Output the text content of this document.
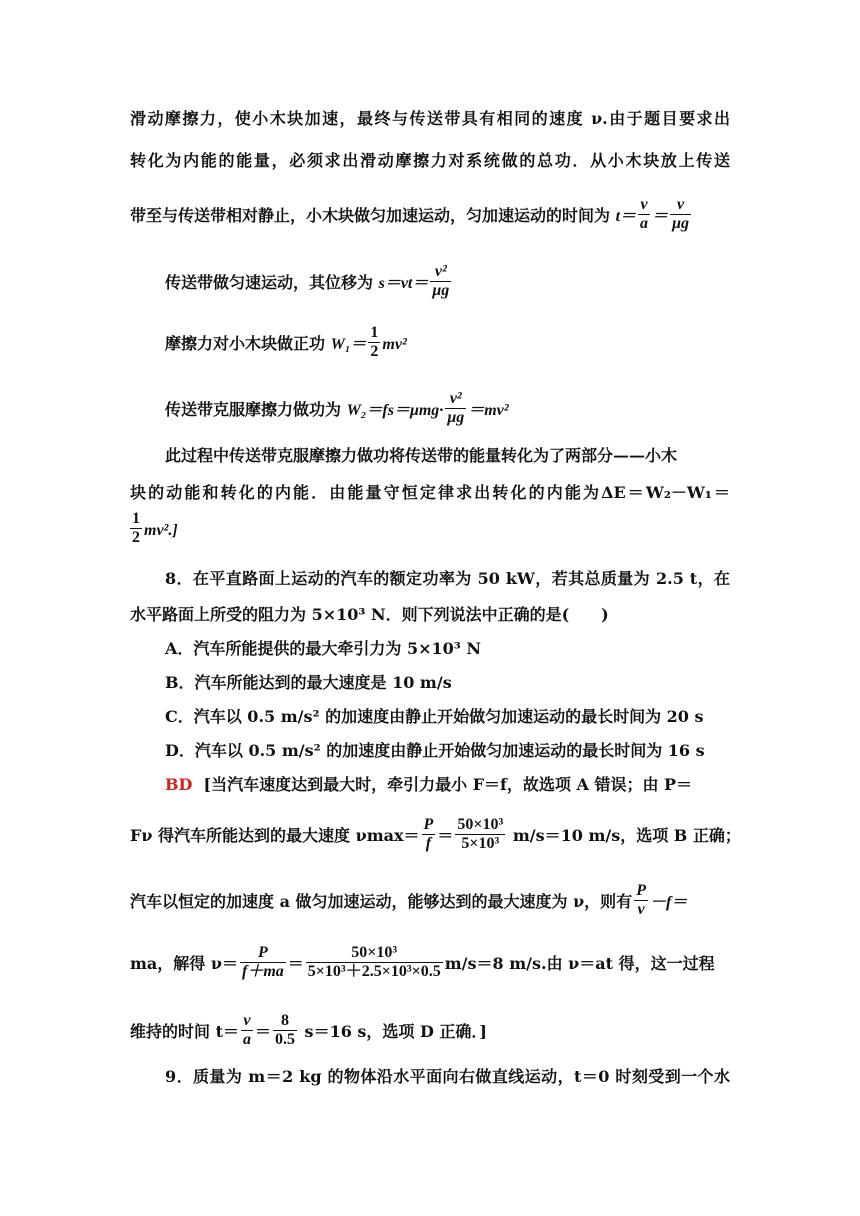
滑动摩擦力，使小木块加速，最终与传送带具有相同的速度 ν.由于题目要求出
转化为内能的能量，必须求出滑动摩擦力对系统做的总功．从小木块放上传送
带至与传送带相对静止，小木块做匀加速运动，匀加速运动的时间为 $t= \frac{\nu}{a} = \frac{\nu}{\mu g}$
传送带做匀速运动，其位移为 $s=\nu t= \frac{\text{ν²}}{\mu g}$
摩擦力对小木块做正功 $W_1= \frac{1}{2} m\nu^2$
传送带克服摩擦力做功为 $W_2=fs=\mu mg\cdot \frac{\text{ν²}}{\mu g} =m\nu^2$
此过程中传送带克服摩擦力做功将传送带的能量转化为了两部分——小木
块的动能和转化的内能．由能量守恒定律求出转化的内能为ΔE＝W₂－W₁＝
$\frac{1}{2} m\nu^2$.]
8．在平直路面上运动的汽车的额定功率为 50 kW，若其总质量为 2.5 t，在
水平路面上所受的阻力为 5×10³ N．则下列说法中正确的是(　　)
A．汽车所能提供的最大牵引力为 5×10³ N
B．汽车所能达到的最大速度是 10 m/s
C．汽车以 0.5 m/s² 的加速度由静止开始做匀加速运动的最长时间为 20 s
D．汽车以 0.5 m/s² 的加速度由静止开始做匀加速运动的最长时间为 16 s
BD [当汽车速度达到最大时，牵引力最小 F＝f，故选项 A 错误；由 P＝
Fν 得汽车所能达到的最大速度 $\nu\max= \frac{P}{f} = \frac{\text{50×10³}}{\text{5×10³}} m/s=10$ m/s，选项 B 正确；
汽车以恒定的加速度 a 做匀加速运动，能够达到的最大速度为 ν，则有 $\frac{P}{\nu} -f=$
ma，解得 $\nu= \frac{P}{f+ma} = \frac{\text{50×10³}}{\text{5×10³＋2.5×10³×0.5}} m/s=8$ m/s.由 ν＝at 得，这一过程
维持的时间 $t= \frac{\nu}{a} = \frac{8}{0.5} s=16$ s，选项 D 正确．]
9．质量为 m＝2 kg 的物体沿水平面向右做直线运动，t＝0 时刻受到一个水
